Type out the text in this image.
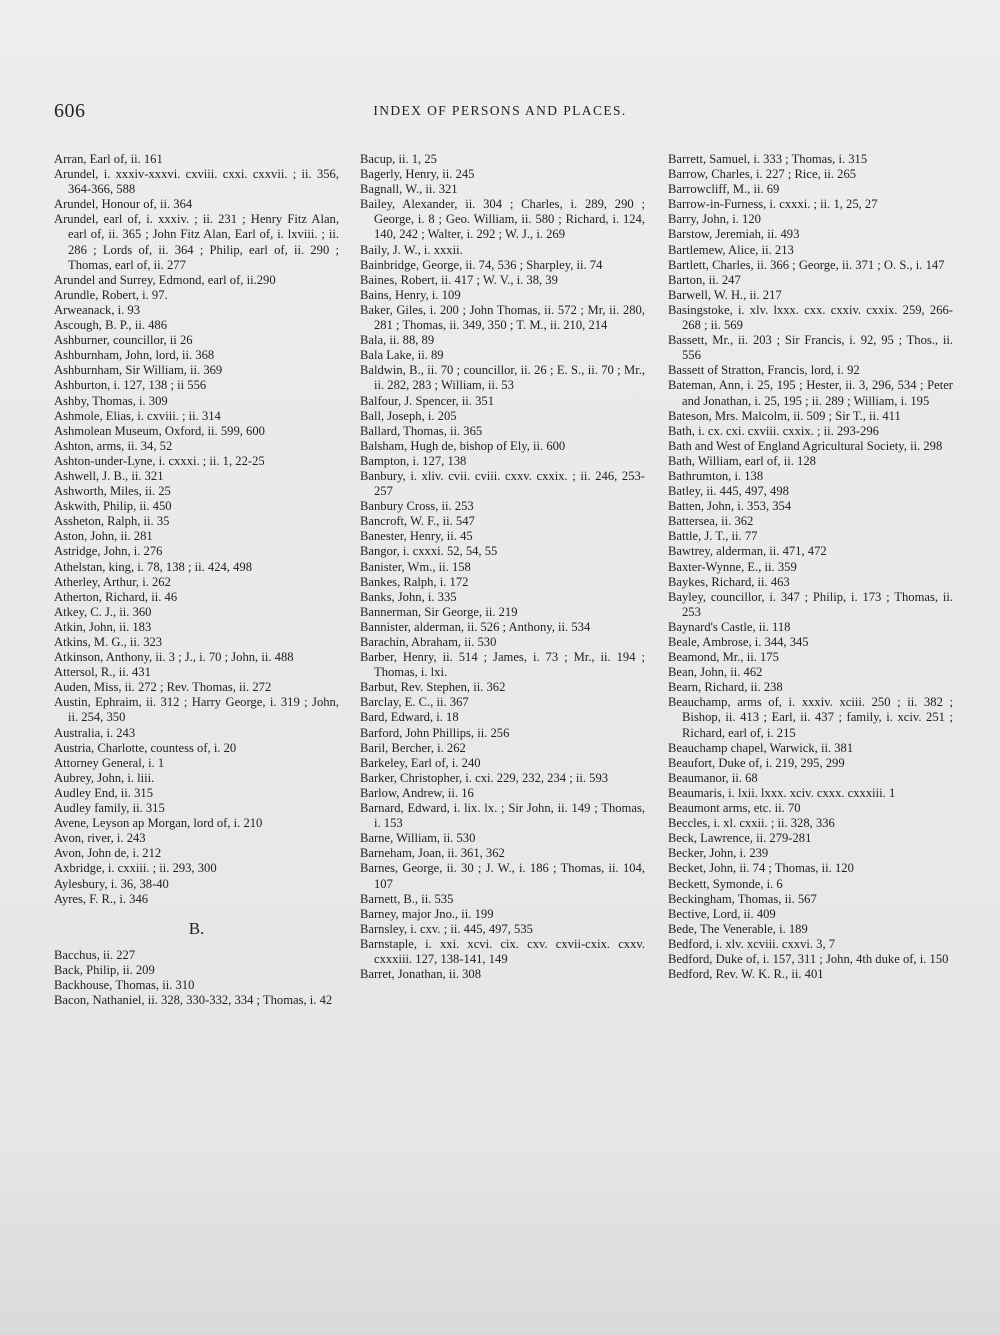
606	INDEX OF PERSONS AND PLACES.

Arran, Earl of, ii. 161

Arundel, i. xxxiv-xxxvi. cxviii. cxxi. cxxvii. ; ii. 356, 364-366, 588

Arundel, Honour of, ii. 364

Arundel, earl of, i. xxxiv. ; ii. 231 ; Henry Fitz Alan, earl of, ii. 365 ; John Fitz Alan, Earl of, i. lxviii. ; ii. 286 ; Lords of, ii. 364 ; Philip, earl of, ii. 290 ; Thomas, earl of, ii. 277

Arundel and Surrey, Edmond, earl of, ii.290

Arundle, Robert, i. 97.

Arweanack, i. 93

Ascough, B. P., ii. 486

Ashburner, councillor, ii 26

Ashburnham, John, lord, ii. 368

Ashburnham, Sir William, ii. 369

Ashburton, i. 127, 138 ; ii 556

Ashby, Thomas, i. 309

Ashmole, Elias, i. cxviii. ; ii. 314

Ashmolean Museum, Oxford, ii. 599, 600

Ashton, arms, ii. 34, 52

Ashton-under-Lyne, i. cxxxi. ; ii. 1, 22-25

Ashwell, J. B., ii. 321

Ashworth, Miles, ii. 25

Askwith, Philip, ii. 450

Assheton, Ralph, ii. 35

Aston, John, ii. 281

Astridge, John, i. 276

Athelstan, king, i. 78, 138 ; ii. 424, 498

Atherley, Arthur, i. 262

Atherton, Richard, ii. 46

Atkey, C. J., ii. 360

Atkin, John, ii. 183

Atkins, M. G., ii. 323

Atkinson, Anthony, ii. 3 ; J., i. 70 ; John, ii. 488

Attersol, R., ii. 431

Auden, Miss, ii. 272 ; Rev. Thomas, ii. 272

Austin, Ephraim, ii. 312 ; Harry George, i. 319 ; John, ii. 254, 350

Australia, i. 243

Austria, Charlotte, countess of, i. 20

Attorney General, i. 1

Aubrey, John, i. liii.

Audley End, ii. 315

Audley family, ii. 315

Avene, Leyson ap Morgan, lord of, i. 210

Avon, river, i. 243

Avon, John de, i. 212

Axbridge, i. cxxiii. ; ii. 293, 300

Aylesbury, i. 36, 38-40

Ayres, F. R., i. 346

B.

Bacchus, ii. 227

Back, Philip, ii. 209

Backhouse, Thomas, ii. 310

Bacon, Nathaniel, ii. 328, 330-332, 334 ; Thomas, i. 42

Bacup, ii. 1, 25

Bagerly, Henry, ii. 245

Bagnall, W., ii. 321

Bailey, Alexander, ii. 304 ; Charles, i. 289, 290 ; George, i. 8 ; Geo. William, ii. 580 ; Richard, i. 124, 140, 242 ; Walter, i. 292 ; W. J., i. 269

Baily, J. W., i. xxxii.

Bainbridge, George, ii. 74, 536 ; Sharpley, ii. 74

Baines, Robert, ii. 417 ; W. V., i. 38, 39

Bains, Henry, i. 109

Baker, Giles, i. 200 ; John Thomas, ii. 572 ; Mr, ii. 280, 281 ; Thomas, ii. 349, 350 ; T. M., ii. 210, 214

Bala, ii. 88, 89

Bala Lake, ii. 89

Baldwin, B., ii. 70 ; councillor, ii. 26 ; E. S., ii. 70 ; Mr., ii. 282, 283 ; William, ii. 53

Balfour, J. Spencer, ii. 351

Ball, Joseph, i. 205

Ballard, Thomas, ii. 365

Balsham, Hugh de, bishop of Ely, ii. 600

Bampton, i. 127, 138

Banbury, i. xliv. cvii. cviii. cxxv. cxxix. ; ii. 246, 253-257

Banbury Cross, ii. 253

Bancroft, W. F., ii. 547

Banester, Henry, ii. 45

Bangor, i. cxxxi. 52, 54, 55

Banister, Wm., ii. 158

Bankes, Ralph, i. 172

Banks, John, i. 335

Bannerman, Sir George, ii. 219

Bannister, alderman, ii. 526 ; Anthony, ii. 534

Barachin, Abraham, ii. 530

Barber, Henry, ii. 514 ; James, i. 73 ; Mr., ii. 194 ; Thomas, i. lxi.

Barbut, Rev. Stephen, ii. 362

Barclay, E. C., ii. 367

Bard, Edward, i. 18

Barford, John Phillips, ii. 256

Baril, Bercher, i. 262

Barkeley, Earl of, i. 240

Barker, Christopher, i. cxi. 229, 232, 234 ; ii. 593

Barlow, Andrew, ii. 16

Barnard, Edward, i. lix. lx. ; Sir John, ii. 149 ; Thomas, i. 153

Barne, William, ii. 530

Barneham, Joan, ii. 361, 362

Barnes, George, ii. 30 ; J. W., i. 186 ; Thomas, ii. 104, 107

Barnett, B., ii. 535

Barney, major Jno., ii. 199

Barnsley, i. cxv. ; ii. 445, 497, 535

Barnstaple, i. xxi. xcvi. cix. cxv. cxvii-cxix. cxxv. cxxxiii. 127, 138-141, 149

Barret, Jonathan, ii. 308

Barrett, Samuel, i. 333 ; Thomas, i. 315

Barrow, Charles, i. 227 ; Rice, ii. 265

Barrowcliff, M., ii. 69

Barrow-in-Furness, i. cxxxi. ; ii. 1, 25, 27

Barry, John, i. 120

Barstow, Jeremiah, ii. 493

Bartlemew, Alice, ii. 213

Bartlett, Charles, ii. 366 ; George, ii. 371 ; O. S., i. 147

Barton, ii. 247

Barwell, W. H., ii. 217

Basingstoke, i. xlv. lxxx. cxx. cxxiv. cxxix. 259, 266-268 ; ii. 569

Bassett, Mr., ii. 203 ; Sir Francis, i. 92, 95 ; Thos., ii. 556

Bassett of Stratton, Francis, lord, i. 92

Bateman, Ann, i. 25, 195 ; Hester, ii. 3, 296, 534 ; Peter and Jonathan, i. 25, 195 ; ii. 289 ; William, i. 195

Bateson, Mrs. Malcolm, ii. 509 ; Sir T., ii. 411

Bath, i. cx. cxi. cxviii. cxxix. ; ii. 293-296

Bath and West of England Agricultural Society, ii. 298

Bath, William, earl of, ii. 128

Bathrumton, i. 138

Batley, ii. 445, 497, 498

Batten, John, i. 353, 354

Battersea, ii. 362

Battle, J. T., ii. 77

Bawtrey, alderman, ii. 471, 472

Baxter-Wynne, E., ii. 359

Baykes, Richard, ii. 463

Bayley, councillor, i. 347 ; Philip, i. 173 ; Thomas, ii. 253

Baynard's Castle, ii. 118

Beale, Ambrose, i. 344, 345

Beamond, Mr., ii. 175

Bean, John, ii. 462

Bearn, Richard, ii. 238

Beauchamp, arms of, i. xxxiv. xciii. 250 ; ii. 382 ; Bishop, ii. 413 ; Earl, ii. 437 ; family, i. xciv. 251 ; Richard, earl of, i. 215

Beauchamp chapel, Warwick, ii. 381

Beaufort, Duke of, i. 219, 295, 299

Beaumanor, ii. 68

Beaumaris, i. lxii. lxxx. xciv. cxxx. cxxxiii. 1

Beaumont arms, etc. ii. 70

Beccles, i. xl. cxxii. ; ii. 328, 336

Beck, Lawrence, ii. 279-281

Becker, John, i. 239

Becket, John, ii. 74 ; Thomas, ii. 120

Beckett, Symonde, i. 6

Beckingham, Thomas, ii. 567

Bective, Lord, ii. 409

Bede, The Venerable, i. 189

Bedford, i. xlv. xcviii. cxxvi. 3, 7

Bedford, Duke of, i. 157, 311 ; John, 4th duke of, i. 150

Bedford, Rev. W. K. R., ii. 401
